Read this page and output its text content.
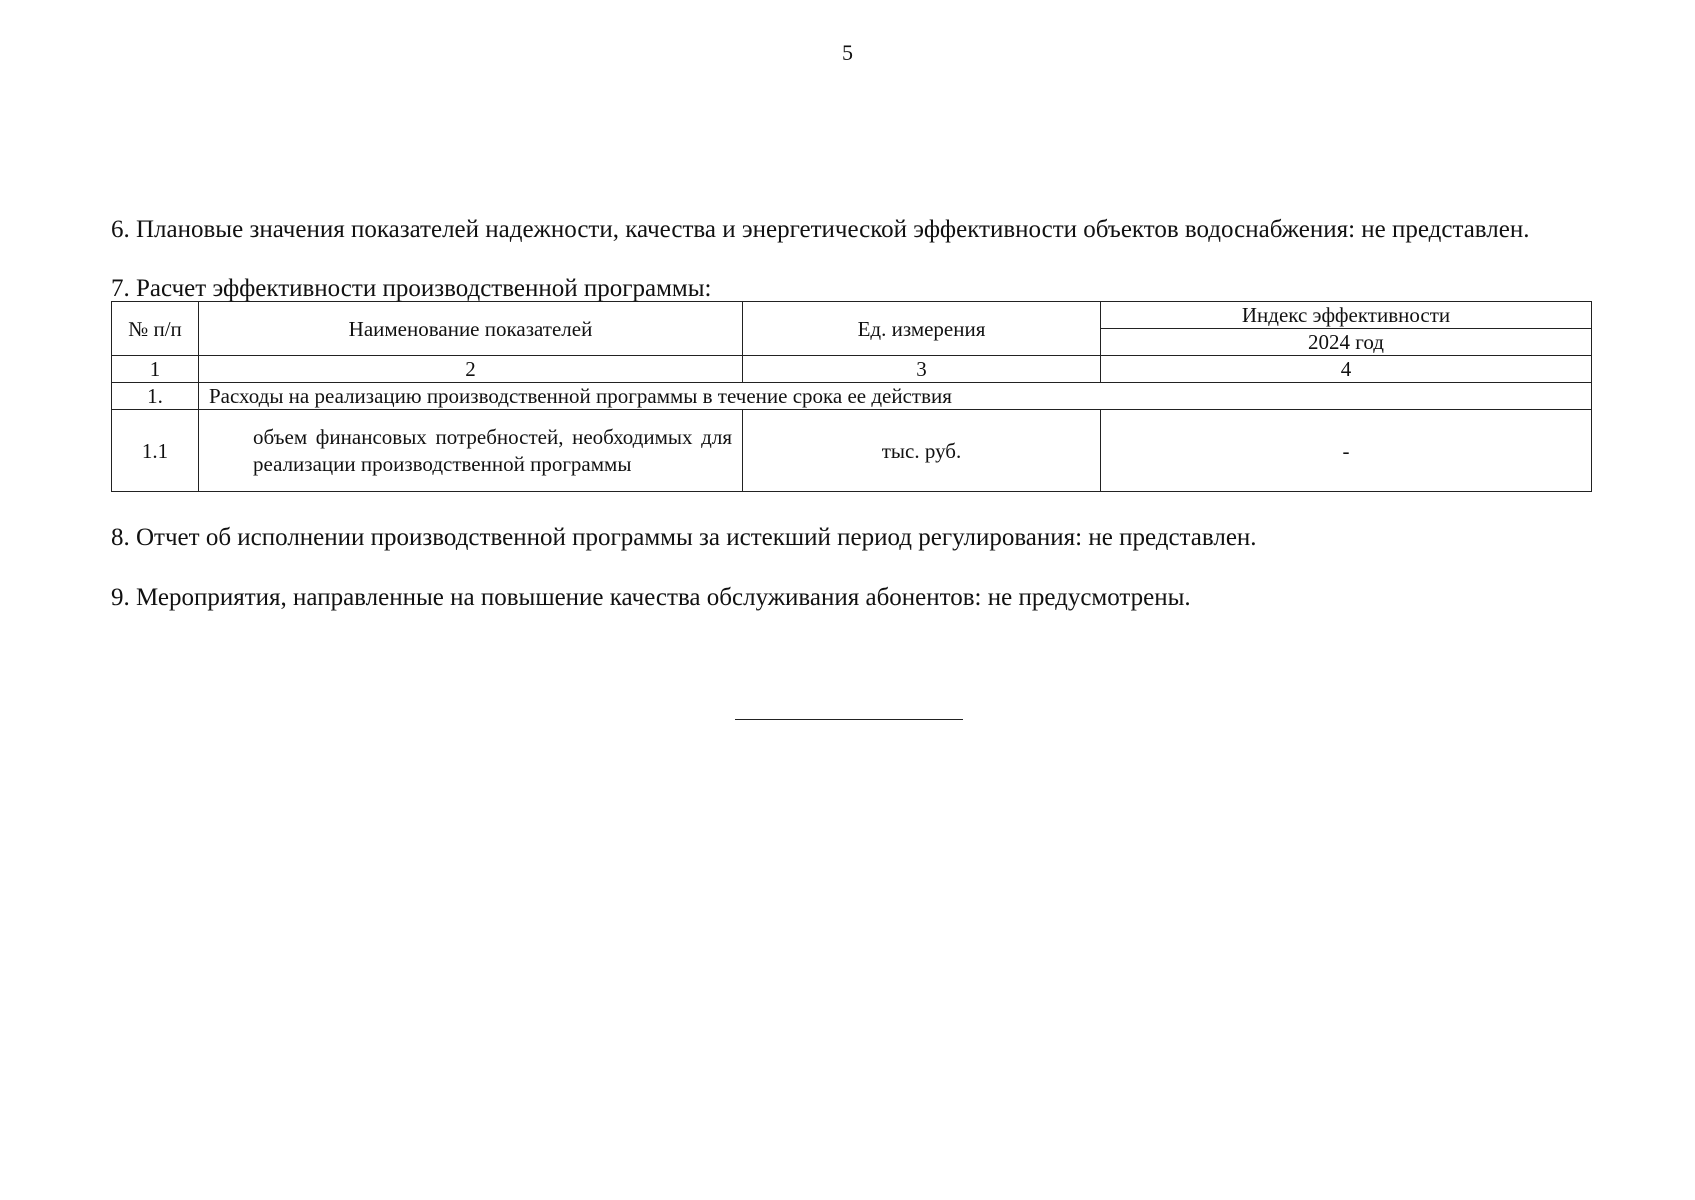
5

6. Плановые значения показателей надежности, качества и энергетической эффективности объектов водоснабжения: не представлен.

7. Расчет эффективности производственной программы:

№ п/п	Наименование показателей	Ед. измерения	Индекс эффективности
			2024 год
1	2	3	4
1.	Расходы на реализацию производственной программы в течение срока ее действия		
1.1	объем финансовых потребностей, необходимых для реализации производственной программы	тыс. руб.	-

8. Отчет об исполнении производственной программы за истекший период регулирования: не представлен.

9. Мероприятия, направленные на повышение качества обслуживания абонентов: не предусмотрены.
